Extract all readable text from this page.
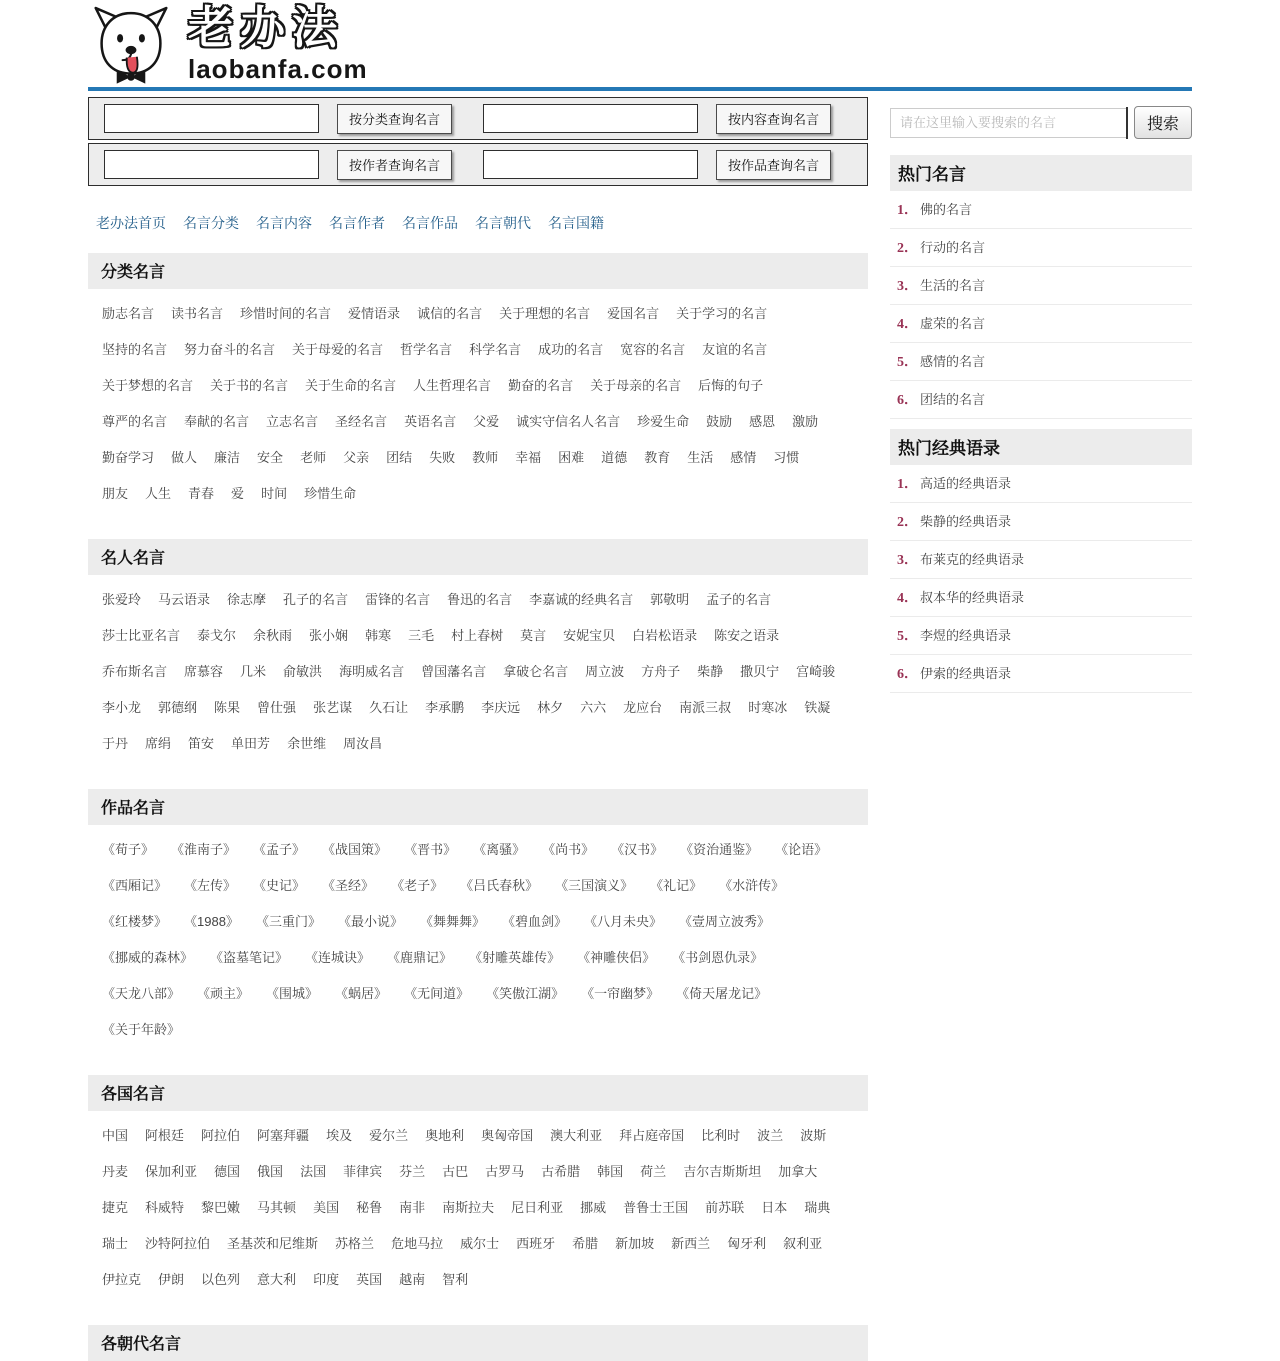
老办法
laobanfa.com
按分类查询名言	按内容查询名言
按作者查询名言	按作品查询名言
老办法首页 名言分类 名言内容 名言作者 名言作品 名言朝代 名言国籍
分类名言
励志名言 读书名言 珍惜时间的名言 爱情语录 诚信的名言 关于理想的名言 爱国名言 关于学习的名言坚持的名言 努力奋斗的名言 关于母爱的名言 哲学名言 科学名言 成功的名言 宽容的名言 友谊的名言关于梦想的名言 关于书的名言 关于生命的名言 人生哲理名言 勤奋的名言 关于母亲的名言 后悔的句子尊严的名言 奉献的名言 立志名言 圣经名言 英语名言 父爱 诚实守信名人名言 珍爱生命 鼓励 感恩 激励勤奋学习 做人 廉洁 安全 老师 父亲 团结 失败 教师 幸福 困难 道德 教育 生活 感情 习惯朋友 人生 青春 爱 时间 珍惜生命
名人名言
张爱玲 马云语录 徐志摩 孔子的名言 雷锋的名言 鲁迅的名言 李嘉诚的经典名言 郭敬明 孟子的名言莎士比亚名言 泰戈尔 余秋雨 张小娴 韩寒 三毛 村上春树 莫言 安妮宝贝 白岩松语录 陈安之语录乔布斯名言 席慕容 几米 俞敏洪 海明威名言 曾国藩名言 拿破仑名言 周立波 方舟子 柴静 撒贝宁 宫崎骏李小龙 郭德纲 陈果 曾仕强 张艺谋 久石让 李承鹏 李庆远 林夕 六六 龙应台 南派三叔 时寒冰 铁凝于丹 席绢 笛安 单田芳 余世维 周汝昌
作品名言
《荀子》 《淮南子》 《孟子》 《战国策》 《晋书》 《离骚》 《尚书》 《汉书》 《资治通鉴》 《论语》《西厢记》 《左传》 《史记》 《圣经》 《老子》 《吕氏春秋》 《三国演义》 《礼记》 《水浒传》《红楼梦》 《1988》 《三重门》 《最小说》 《舞舞舞》 《碧血剑》 《八月未央》 《壹周立波秀》《挪威的森林》 《盗墓笔记》 《连城诀》 《鹿鼎记》 《射雕英雄传》 《神雕侠侣》 《书剑恩仇录》《天龙八部》 《顽主》 《围城》 《蜗居》 《无间道》 《笑傲江湖》 《一帘幽梦》 《倚天屠龙记》《关于年龄》
各国名言
中国 阿根廷 阿拉伯 阿塞拜疆 埃及 爱尔兰 奥地利 奥匈帝国 澳大利亚 拜占庭帝国 比利时 波兰 波斯丹麦 保加利亚 德国 俄国 法国 菲律宾 芬兰 古巴 古罗马 古希腊 韩国 荷兰 吉尔吉斯斯坦 加拿大捷克 科威特 黎巴嫩 马其顿 美国 秘鲁 南非 南斯拉夫 尼日利亚 挪威 普鲁士王国 前苏联 日本 瑞典瑞士 沙特阿拉伯 圣基茨和尼维斯 苏格兰 危地马拉 威尔士 西班牙 希腊 新加坡 新西兰 匈牙利 叙利亚伊拉克 伊朗 以色列 意大利 印度 英国 越南 智利
各朝代名言
请在这里输入要搜索的名言
搜索
热门名言
1． 佛的名言
2． 行动的名言
3． 生活的名言
4． 虚荣的名言
5． 感情的名言
6． 团结的名言
热门经典语录
1． 高适的经典语录
2． 柴静的经典语录
3． 布莱克的经典语录
4． 叔本华的经典语录
5． 李煜的经典语录
6． 伊索的经典语录
